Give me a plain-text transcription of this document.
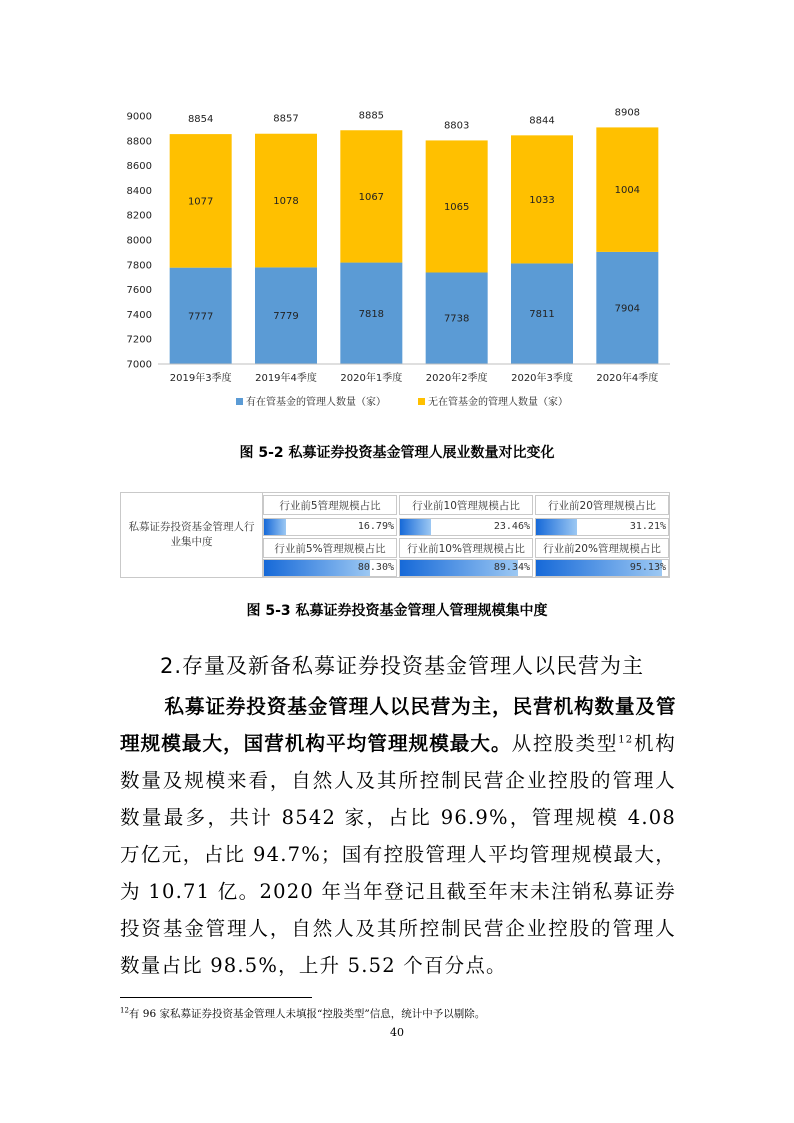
7000
7200
7400
7600
7800
8000
8200
8400
8600
8800
9000
7777
1077
8854
7779
1078
8857
7818
1067
8885
7738
1065
8803
7811
1033
8844
7904
1004
8908
2019年3季度 2019年4季度 2020年1季度 2020年2季度 2020年3季度 2020年4季度
有在管基金的管理人数量（家）	无在管基金的管理人数量（家）
图 5-2 私募证券投资基金管理人展业数量对比变化
私募证券投资基金管理人行业集中度
行业前5管理规模占比	行业前10管理规模占比	行业前20管理规模占比
16.79%	23.46%	31.21%
行业前5%管理规模占比	行业前10%管理规模占比	行业前20%管理规模占比
80.30%	89.34%	95.13%
图 5-3 私募证券投资基金管理人管理规模集中度
2.存量及新备私募证券投资基金管理人以民营为主
私募证券投资基金管理人以民营为主，民营机构数量及管理规模最大，国营机构平均管理规模最大。从控股类型$^{12}$机构数量及规模来看，自然人及其所控制民营企业控股的管理人数量最多，共计 8542 家，占比 96.9%，管理规模 4.08 万亿元，占比 94.7%；国有控股管理人平均管理规模最大，为 10.71 亿。2020 年当年登记且截至年末未注销私募证券投资基金管理人，自然人及其所控制民营企业控股的管理人数量占比 98.5%，上升 5.52 个百分点。
$^{12}$有 96 家私募证券投资基金管理人未填报“控股类型”信息，统计中予以剔除。
40
